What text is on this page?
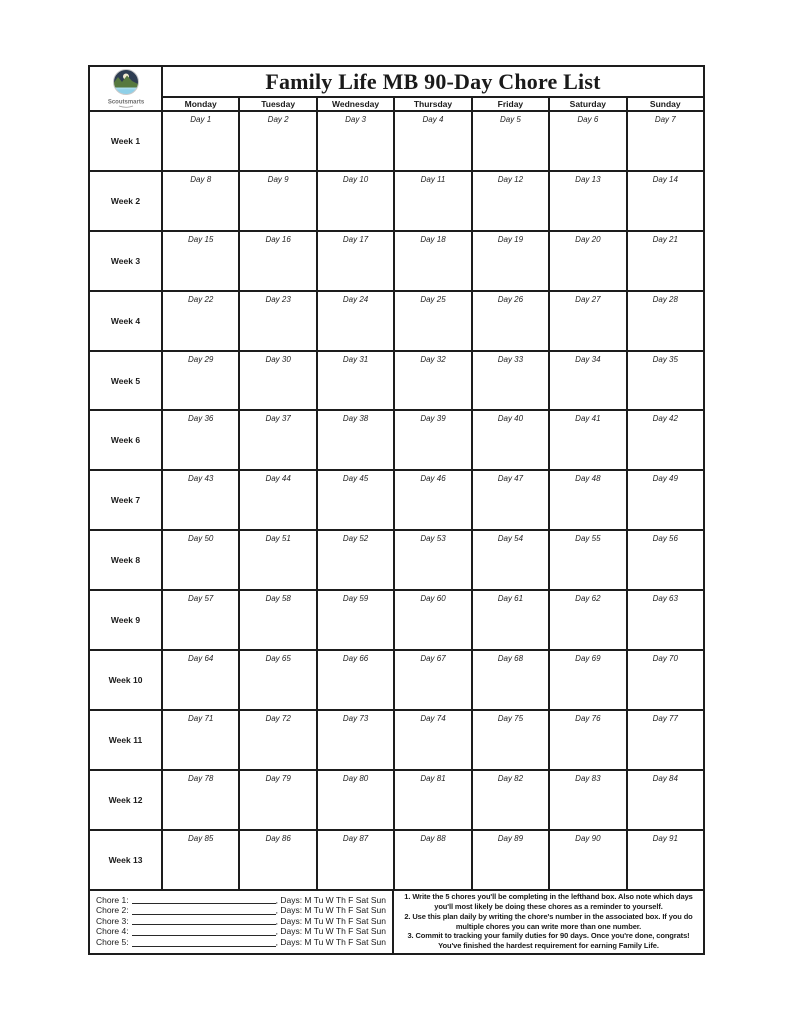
Scoutsmarts
Family Life MB 90-Day Chore List
Monday	Tuesday	Wednesday	Thursday	Friday	Saturday	Sunday
Week 1
Day 1	Day 2	Day 3	Day 4	Day 5	Day 6	Day 7
Week 2
Day 8	Day 9	Day 10	Day 11	Day 12	Day 13	Day 14
Week 3
Day 15	Day 16	Day 17	Day 18	Day 19	Day 20	Day 21
Week 4
Day 22	Day 23	Day 24	Day 25	Day 26	Day 27	Day 28
Week 5
Day 29	Day 30	Day 31	Day 32	Day 33	Day 34	Day 35
Week 6
Day 36	Day 37	Day 38	Day 39	Day 40	Day 41	Day 42
Week 7
Day 43	Day 44	Day 45	Day 46	Day 47	Day 48	Day 49
Week 8
Day 50	Day 51	Day 52	Day 53	Day 54	Day 55	Day 56
Week 9
Day 57	Day 58	Day 59	Day 60	Day 61	Day 62	Day 63
Week 10
Day 64	Day 65	Day 66	Day 67	Day 68	Day 69	Day 70
Week 11
Day 71	Day 72	Day 73	Day 74	Day 75	Day 76	Day 77
Week 12
Day 78	Day 79	Day 80	Day 81	Day 82	Day 83	Day 84
Week 13
Day 85	Day 86	Day 87	Day 88	Day 89	Day 90	Day 91
Chore 1:	, Days: M Tu W Th F Sat Sun
Chore 2:	, Days: M Tu W Th F Sat Sun
Chore 3:	, Days: M Tu W Th F Sat Sun
Chore 4:	, Days: M Tu W Th F Sat Sun
Chore 5:	, Days: M Tu W Th F Sat Sun

1. Write the 5 chores you'll be completing in the lefthand box. Also note which days you'll most likely be doing these chores as a reminder to yourself.

2. Use this plan daily by writing the chore's number in the associated box. If you do multiple chores you can write more than one number.

3. Commit to tracking your family duties for 90 days. Once you're done, congrats! You've finished the hardest requirement for earning Family Life.
